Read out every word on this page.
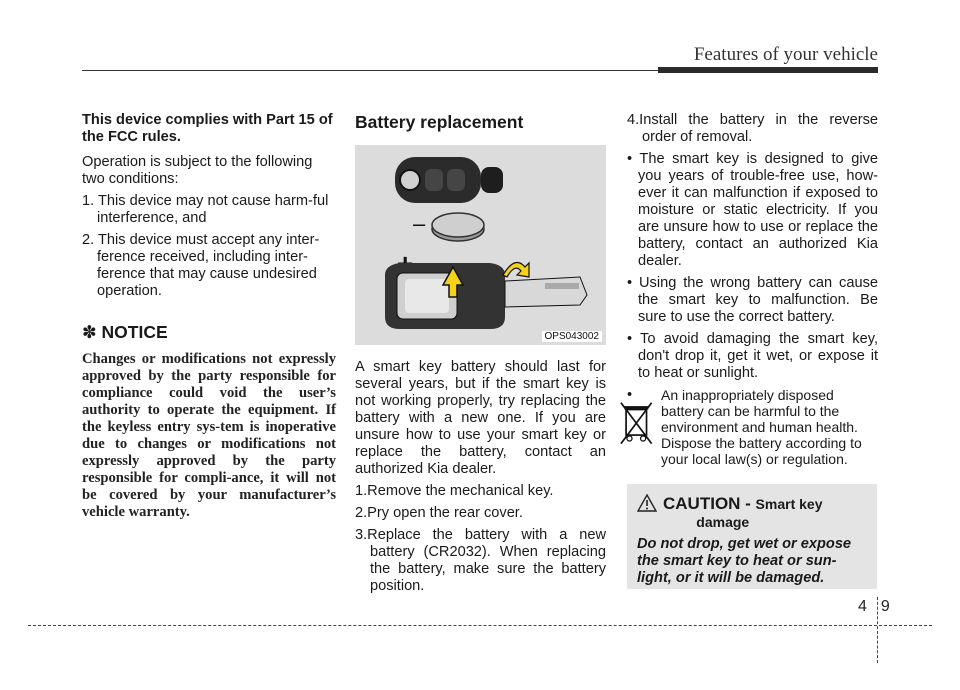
Features of your vehicle

This device complies with Part 15 of the FCC rules.

Operation is subject to the following two conditions:

1. This device may not cause harm-ful interference, and

2. This device must accept any inter-ference received, including inter-ference that may cause undesired operation.

✽ NOTICE
Changes or modifications not expressly approved by the party responsible for compliance could void the user’s authority to operate the equipment. If the keyless entry sys-tem is inoperative due to changes or modifications not expressly approved by the party responsible for compli-ance, it will not be covered by your manufacturer’s vehicle warranty.
Battery replacement
–
OPS043002

A smart key battery should last for several years, but if the smart key is not working properly, try replacing the battery with a new one. If you are unsure how to use your smart key or replace the battery, contact an authorized Kia dealer.

1.Remove the mechanical key.

2.Pry open the rear cover.

3.Replace the battery with a new battery (CR2032). When replacing the battery, make sure the battery position.

4.Install the battery in the reverse order of removal.

• The smart key is designed to give you years of trouble-free use, how-ever it can malfunction if exposed to moisture or static electricity. If you are unsure how to use or replace the battery, contact an authorized Kia dealer.

• Using the wrong battery can cause the smart key to malfunction. Be sure to use the correct battery.

• To avoid damaging the smart key, don't drop it, get it wet, or expose it to heat or sunlight.

• An inappropriately disposed battery can be harmful to the environment and human health. Dispose the battery according to your local law(s) or regulation.

CAUTION - Smart key
damage
Do not drop, get wet or expose the smart key to heat or sun-light, or it will be damaged.
4 9
